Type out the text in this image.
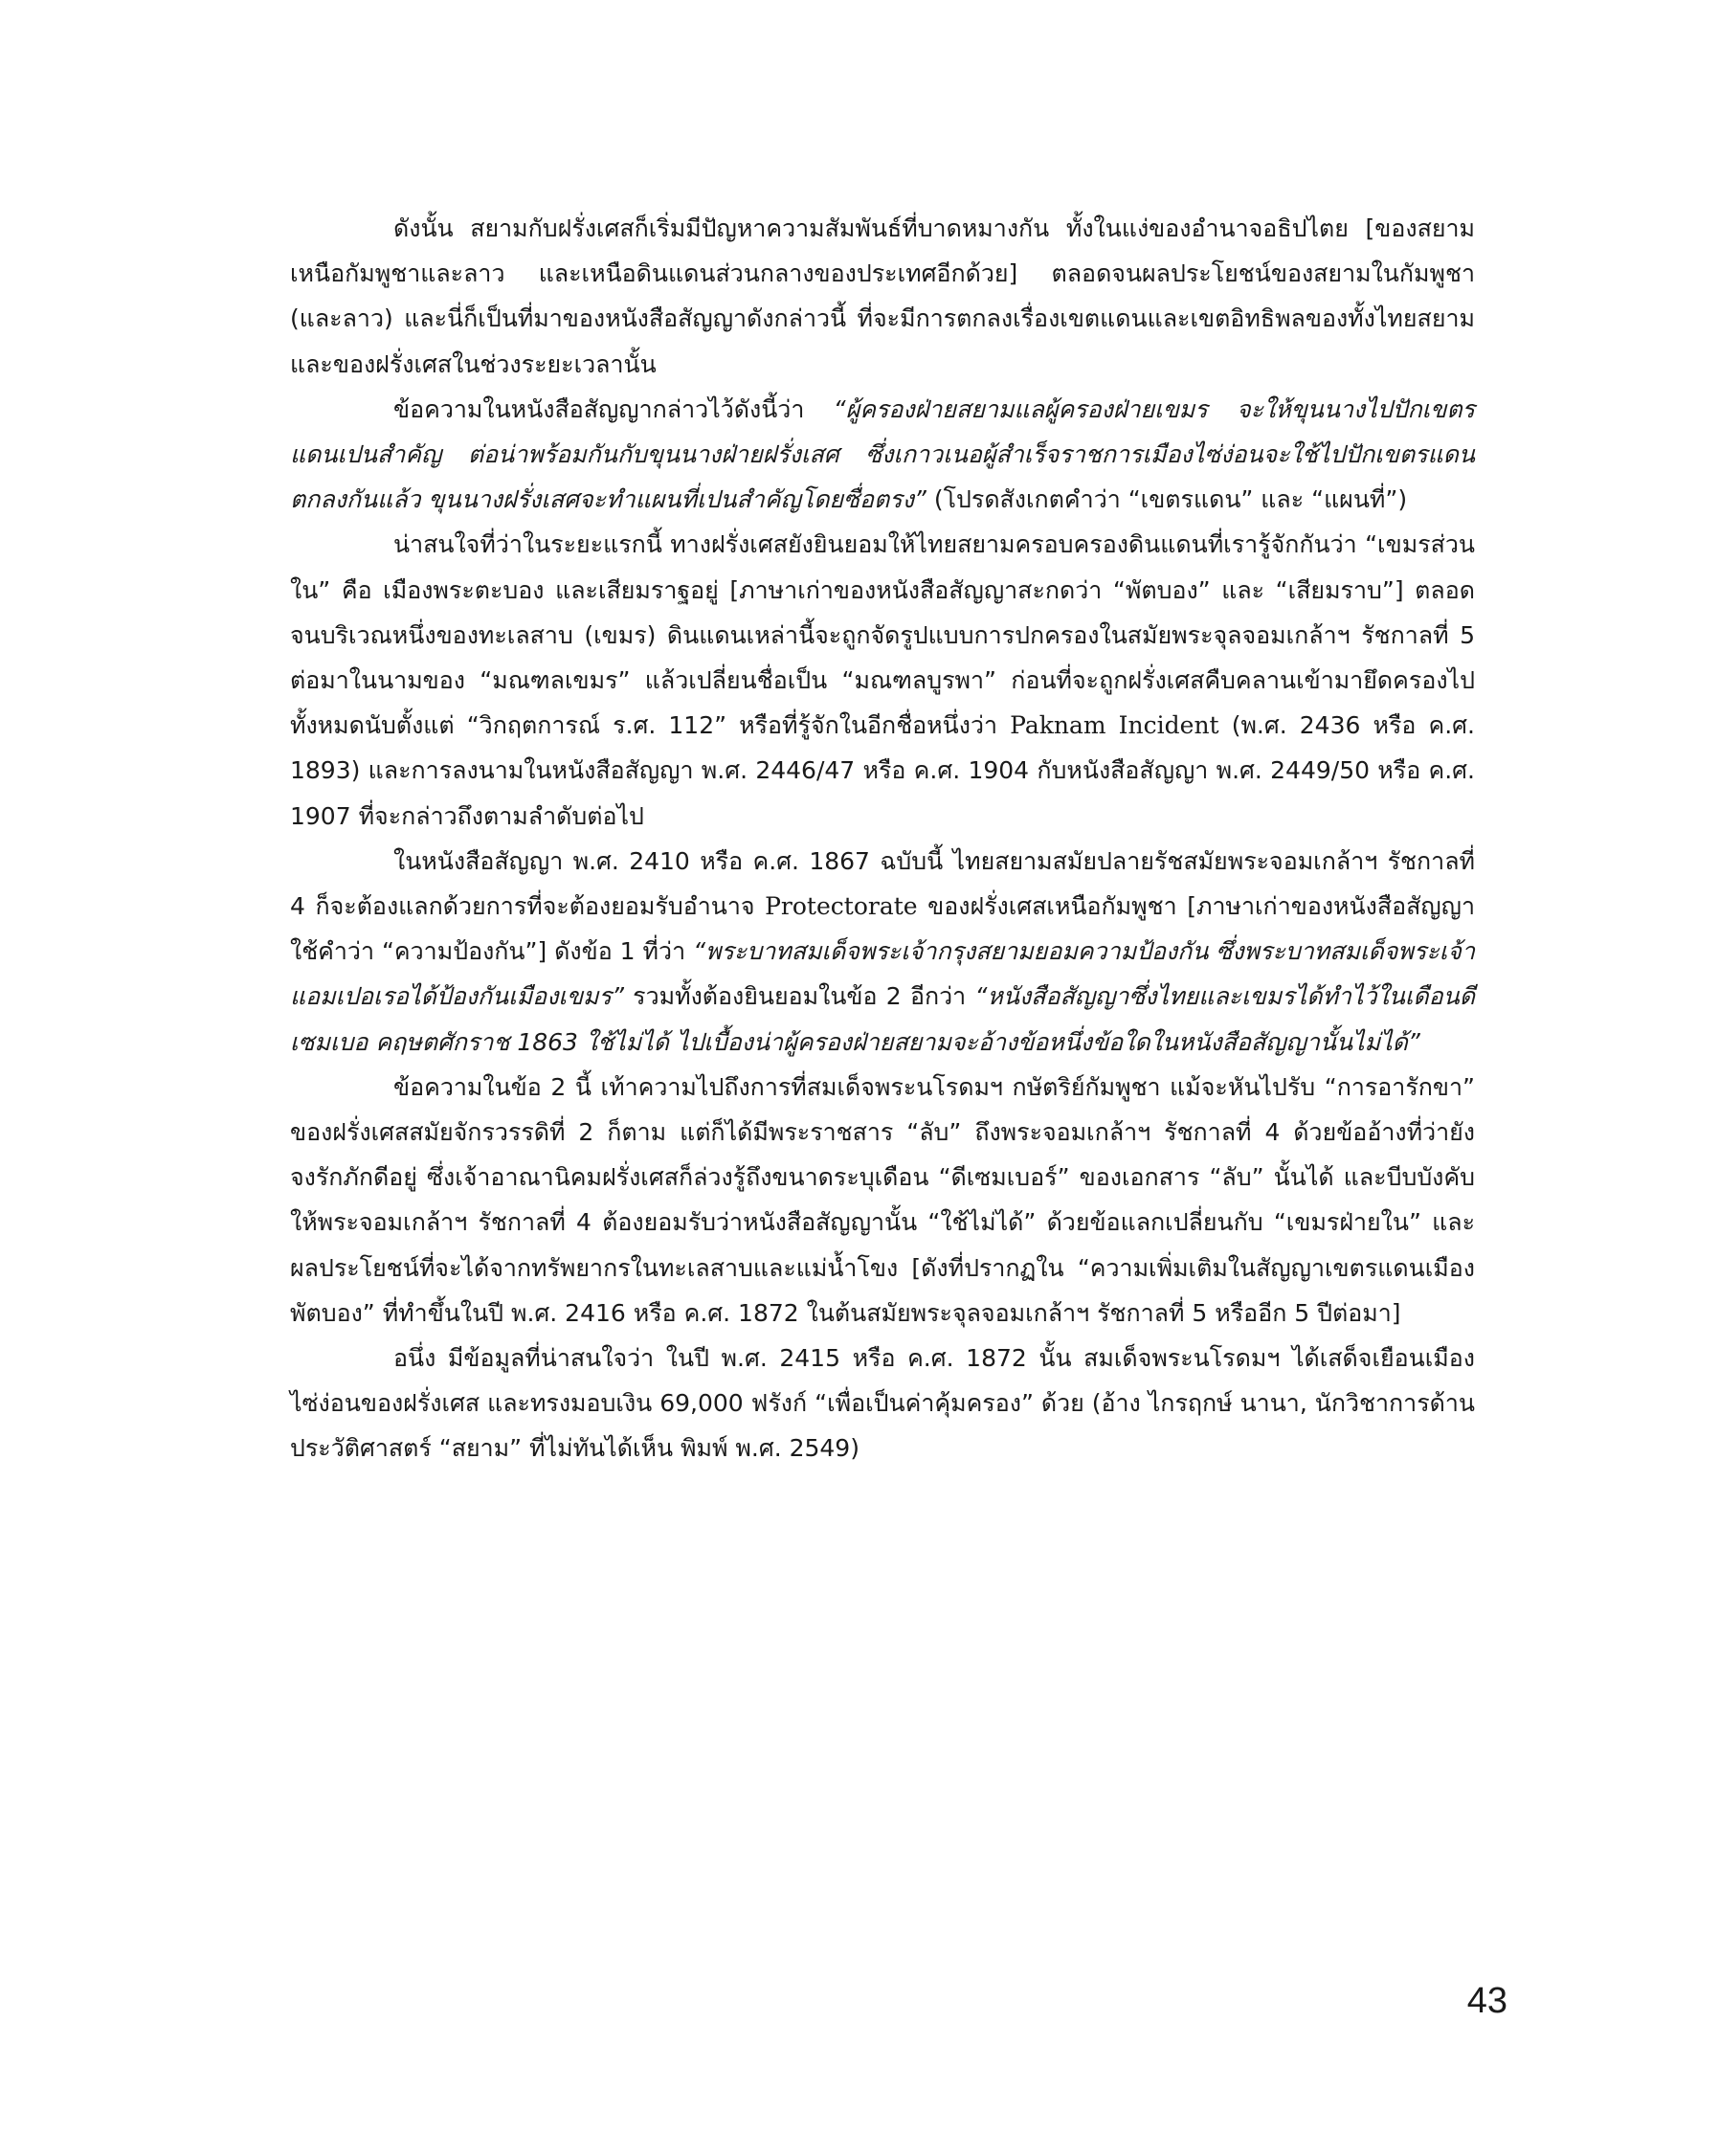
ดังนั้น สยามกับฝรั่งเศสก็เริ่มมีปัญหาความสัมพันธ์ที่บาดหมางกัน ทั้งในแง่ของอำนาจอธิปไตย [ของสยามเหนือกัมพูชาและลาว และเหนือดินแดนส่วนกลางของประเทศอีกด้วย] ตลอดจนผลประโยชน์ของสยามในกัมพูชา (และลาว) และนี่ก็เป็นที่มาของหนังสือสัญญาดังกล่าวนี้ ที่จะมีการตกลงเรื่องเขตแดนและเขตอิทธิพลของทั้งไทยสยามและของฝรั่งเศสในช่วงระยะเวลานั้น

ข้อความในหนังสือสัญญากล่าวไว้ดังนี้ว่า “ผู้ครองฝ่ายสยามแลผู้ครองฝ่ายเขมร จะให้ขุนนางไปปักเขตรแดนเปนสำคัญ ต่อน่าพร้อมกันกับขุนนางฝ่ายฝรั่งเสศ ซึ่งเกาวเนอผู้สำเร็จราชการเมืองไซ่ง่อนจะใช้ไปปักเขตรแดนตกลงกันแล้ว ขุนนางฝรั่งเสศจะทำแผนที่เปนสำคัญโดยซื่อตรง” (โปรดสังเกตคำว่า “เขตรแดน” และ “แผนที่”)

น่าสนใจที่ว่าในระยะแรกนี้ ทางฝรั่งเศสยังยินยอมให้ไทยสยามครอบครองดินแดนที่เรารู้จักกันว่า “เขมรส่วนใน” คือ เมืองพระตะบอง และเสียมราฐอยู่ [ภาษาเก่าของหนังสือสัญญาสะกดว่า “พัตบอง” และ “เสียมราบ”] ตลอดจนบริเวณหนึ่งของทะเลสาบ (เขมร) ดินแดนเหล่านี้จะถูกจัดรูปแบบการปกครองในสมัยพระจุลจอมเกล้าฯ รัชกาลที่ 5 ต่อมาในนามของ “มณฑลเขมร” แล้วเปลี่ยนชื่อเป็น “มณฑลบูรพา” ก่อนที่จะถูกฝรั่งเศสคืบคลานเข้ามายึดครองไปทั้งหมดนับตั้งแต่ “วิกฤตการณ์ ร.ศ. 112” หรือที่รู้จักในอีกชื่อหนึ่งว่า Paknam Incident (พ.ศ. 2436 หรือ ค.ศ. 1893) และการลงนามในหนังสือสัญญา พ.ศ. 2446/47 หรือ ค.ศ. 1904 กับหนังสือสัญญา พ.ศ. 2449/50 หรือ ค.ศ. 1907 ที่จะกล่าวถึงตามลำดับต่อไป

ในหนังสือสัญญา พ.ศ. 2410 หรือ ค.ศ. 1867 ฉบับนี้ ไทยสยามสมัยปลายรัชสมัยพระจอมเกล้าฯ รัชกาลที่ 4 ก็จะต้องแลกด้วยการที่จะต้องยอมรับอำนาจ Protectorate ของฝรั่งเศสเหนือกัมพูชา [ภาษาเก่าของหนังสือสัญญาใช้คำว่า “ความป้องกัน”] ดังข้อ 1 ที่ว่า “พระบาทสมเด็จพระเจ้ากรุงสยามยอมความป้องกัน ซึ่งพระบาทสมเด็จพระเจ้าแอมเปอเรอได้ป้องกันเมืองเขมร” รวมทั้งต้องยินยอมในข้อ 2 อีกว่า “หนังสือสัญญาซึ่งไทยและเขมรได้ทำไว้ในเดือนดีเซมเบอ คฤษตศักราช 1863 ใช้ไม่ได้ ไปเบื้องน่าผู้ครองฝ่ายสยามจะอ้างข้อหนึ่งข้อใดในหนังสือสัญญานั้นไม่ได้”

ข้อความในข้อ 2 นี้ เท้าความไปถึงการที่สมเด็จพระนโรดมฯ กษัตริย์กัมพูชา แม้จะหันไปรับ “การอารักขา” ของฝรั่งเศสสมัยจักรวรรดิที่ 2 ก็ตาม แต่ก็ได้มีพระราชสาร “ลับ” ถึงพระจอมเกล้าฯ รัชกาลที่ 4 ด้วยข้ออ้างที่ว่ายังจงรักภักดีอยู่ ซึ่งเจ้าอาณานิคมฝรั่งเศสก็ล่วงรู้ถึงขนาดระบุเดือน “ดีเซมเบอร์” ของเอกสาร “ลับ” นั้นได้ และบีบบังคับให้พระจอมเกล้าฯ รัชกาลที่ 4 ต้องยอมรับว่าหนังสือสัญญานั้น “ใช้ไม่ได้” ด้วยข้อแลกเปลี่ยนกับ “เขมรฝ่ายใน” และผลประโยชน์ที่จะได้จากทรัพยากรในทะเลสาบและแม่น้ำโขง [ดังที่ปรากฏใน “ความเพิ่มเติมในสัญญาเขตรแดนเมืองพัตบอง” ที่ทำขึ้นในปี พ.ศ. 2416 หรือ ค.ศ. 1872 ในต้นสมัยพระจุลจอมเกล้าฯ รัชกาลที่ 5 หรืออีก 5 ปีต่อมา]

อนึ่ง มีข้อมูลที่น่าสนใจว่า ในปี พ.ศ. 2415 หรือ ค.ศ. 1872 นั้น สมเด็จพระนโรดมฯ ได้เสด็จเยือนเมืองไซ่ง่อนของฝรั่งเศส และทรงมอบเงิน 69,000 ฟรังก์ “เพื่อเป็นค่าคุ้มครอง” ด้วย (อ้าง ไกรฤกษ์ นานา, นักวิชาการด้านประวัติศาสตร์ “สยาม” ที่ไม่ทันได้เห็น พิมพ์ พ.ศ. 2549)

43
